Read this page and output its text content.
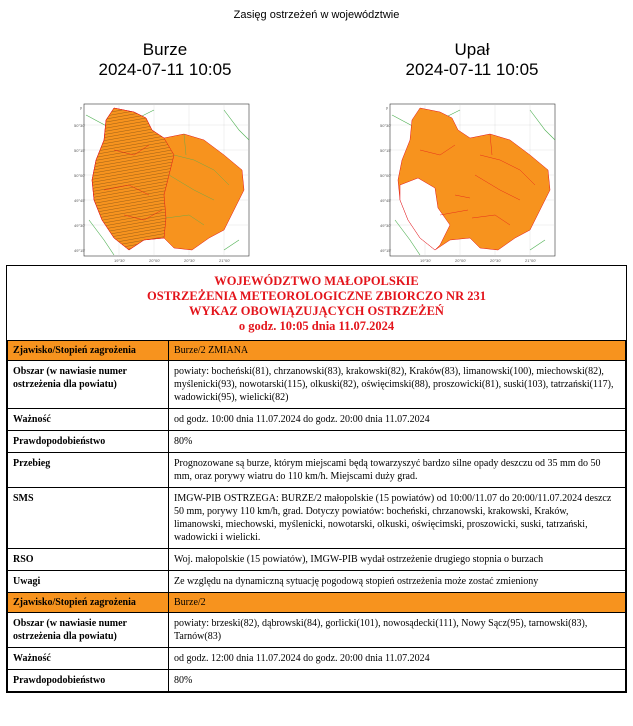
Zasięg ostrzeżeń w województwie
Burze
2024-07-11 10:05
Upał
2024-07-11 10:05
y
50°30'
50°15'
50°00'
49°45'
49°30'
49°15'
19°30'	20°00'	20°30'	21°00'
y
50°30'
50°15'
50°00'
49°45'
49°30'
49°15'
19°30'	20°00'	20°30'	21°00'
WOJEWÓDZTWO MAŁOPOLSKIE
OSTRZEŻENIA METEOROLOGICZNE ZBIORCZO NR 231
WYKAZ OBOWIĄZUJĄCYCH OSTRZEŻEŃ
o godz. 10:05 dnia 11.07.2024
Zjawisko/Stopień zagrożenia	Burze/2 ZMIANA
Obszar (w nawiasie numer ostrzeżenia dla powiatu)	powiaty: bocheński(81), chrzanowski(83), krakowski(82), Kraków(83), limanowski(100), miechowski(82), myślenicki(93), nowotarski(115), olkuski(82), oświęcimski(88), proszowicki(81), suski(103), tatrzański(117), wadowicki(95), wielicki(82)
Ważność	od godz. 10:00 dnia 11.07.2024 do godz. 20:00 dnia 11.07.2024
Prawdopodobieństwo	80%
Przebieg	Prognozowane są burze, którym miejscami będą towarzyszyć bardzo silne opady deszczu od 35 mm do 50 mm, oraz porywy wiatru do 110 km/h. Miejscami duży grad.
SMS	IMGW-PIB OSTRZEGA: BURZE/2 małopolskie (15 powiatów) od 10:00/11.07 do 20:00/11.07.2024 deszcz 50 mm, porywy 110 km/h, grad. Dotyczy powiatów: bocheński, chrzanowski, krakowski, Kraków, limanowski, miechowski, myślenicki, nowotarski, olkuski, oświęcimski, proszowicki, suski, tatrzański, wadowicki i wielicki.
RSO	Woj. małopolskie (15 powiatów), IMGW-PIB wydał ostrzeżenie drugiego stopnia o burzach
Uwagi	Ze względu na dynamiczną sytuację pogodową stopień ostrzeżenia może zostać zmieniony
Zjawisko/Stopień zagrożenia	Burze/2
Obszar (w nawiasie numer ostrzeżenia dla powiatu)	powiaty: brzeski(82), dąbrowski(84), gorlicki(101), nowosądecki(111), Nowy Sącz(95), tarnowski(83), Tarnów(83)
Ważność	od godz. 12:00 dnia 11.07.2024 do godz. 20:00 dnia 11.07.2024
Prawdopodobieństwo	80%
